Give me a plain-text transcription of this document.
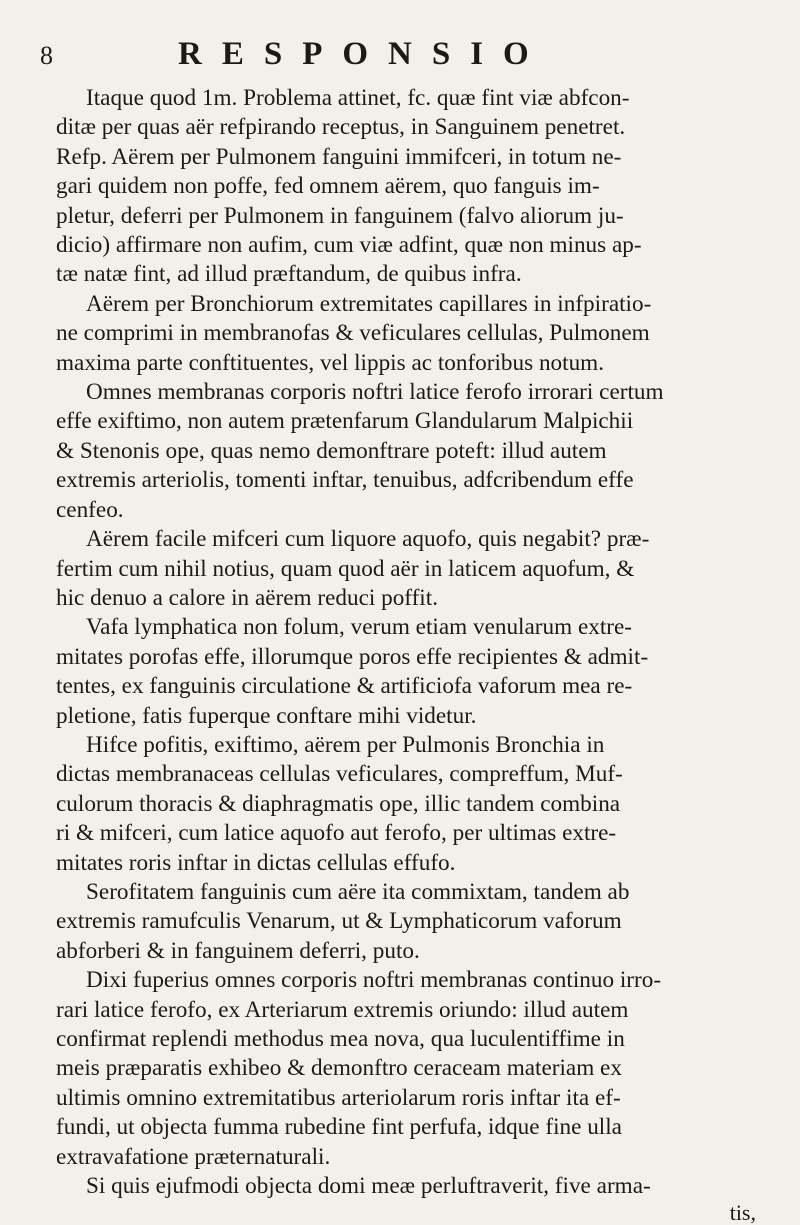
8	RESPONSIO
Itaque quod 1m. Problema attinet, fc. quæ fint viæ abfcon-
ditæ per quas aër refpirando receptus, in Sanguinem penetret.
Refp. Aërem per Pulmonem fanguini immifceri, in totum ne-
gari quidem non poffe, fed omnem aërem, quo fanguis im-
pletur, deferri per Pulmonem in fanguinem (falvo aliorum ju-
dicio) affirmare non aufim, cum viæ adfint, quæ non minus ap-
tæ natæ fint, ad illud præftandum, de quibus infra.
Aërem per Bronchiorum extremitates capillares in infpiratio-
ne comprimi in membranofas & veficulares cellulas, Pulmonem
maxima parte conftituentes, vel lippis ac tonforibus notum.
Omnes membranas corporis noftri latice ferofo irrorari certum
effe exiftimo, non autem prætenfarum Glandularum Malpichii
& Stenonis ope, quas nemo demonftrare poteft: illud autem
extremis arteriolis, tomenti inftar, tenuibus, adfcribendum effe
cenfeo.
Aërem facile mifceri cum liquore aquofo, quis negabit? præ-
fertim cum nihil notius, quam quod aër in laticem aquofum, &
hic denuo a calore in aërem reduci poffit.
Vafa lymphatica non folum, verum etiam venularum extre-
mitates porofas effe, illorumque poros effe recipientes & admit-
tentes, ex fanguinis circulatione & artificiofa vaforum mea re-
pletione, fatis fuperque conftare mihi videtur.
Hifce pofitis, exiftimo, aërem per Pulmonis Bronchia in
dictas membranaceas cellulas veficulares, compreffum, Muf-
culorum thoracis & diaphragmatis ope, illic tandem combina
ri & mifceri, cum latice aquofo aut ferofo, per ultimas extre-
mitates roris inftar in dictas cellulas effufo.
Serofitatem fanguinis cum aëre ita commixtam, tandem ab
extremis ramufculis Venarum, ut & Lymphaticorum vaforum
abforberi & in fanguinem deferri, puto.
Dixi fuperius omnes corporis noftri membranas continuo irro-
rari latice ferofo, ex Arteriarum extremis oriundo: illud autem
confirmat replendi methodus mea nova, qua luculentiffime in
meis præparatis exhibeo & demonftro ceraceam materiam ex
ultimis omnino extremitatibus arteriolarum roris inftar ita ef-
fundi, ut objecta fumma rubedine fint perfufa, idque fine ulla
extravafatione præternaturali.
Si quis ejufmodi objecta domi meæ perluftraverit, five arma-
tis,
